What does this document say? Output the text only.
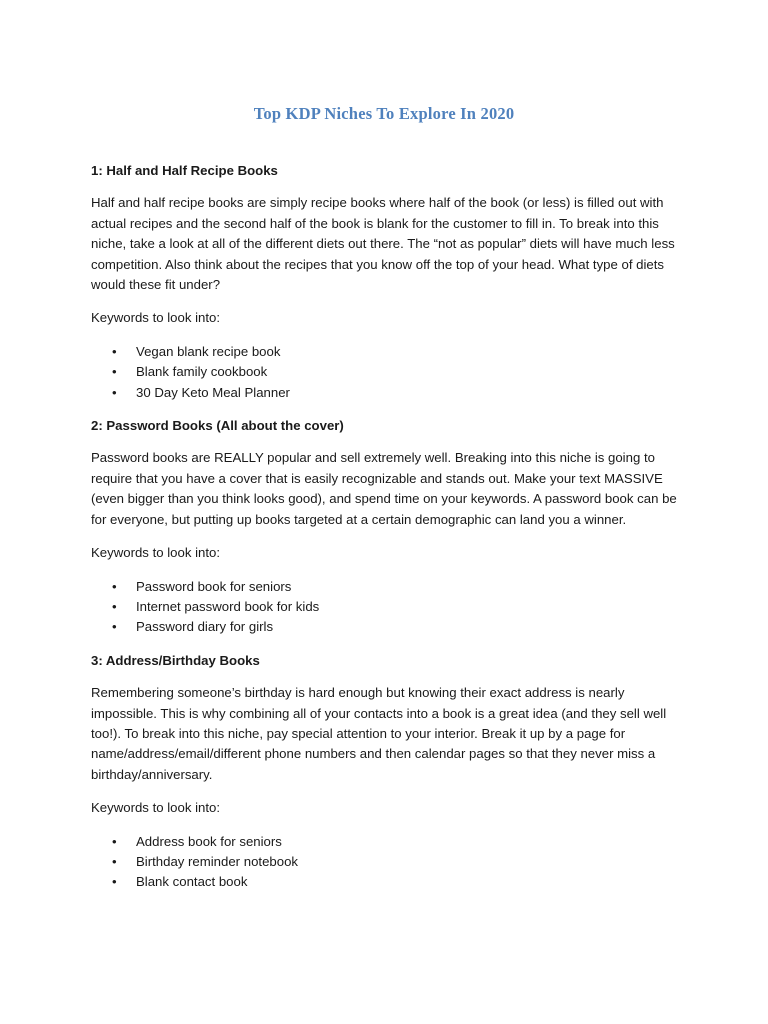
Top KDP Niches To Explore In 2020

1: Half and Half Recipe Books

Half and half recipe books are simply recipe books where half of the book (or less) is filled out with actual recipes and the second half of the book is blank for the customer to fill in. To break into this niche, take a look at all of the different diets out there. The “not as popular” diets will have much less competition. Also think about the recipes that you know off the top of your head. What type of diets would these fit under?

Keywords to look into:

• Vegan blank recipe book
• Blank family cookbook
• 30 Day Keto Meal Planner

2: Password Books (All about the cover)

Password books are REALLY popular and sell extremely well. Breaking into this niche is going to require that you have a cover that is easily recognizable and stands out. Make your text MASSIVE (even bigger than you think looks good), and spend time on your keywords. A password book can be for everyone, but putting up books targeted at a certain demographic can land you a winner.

Keywords to look into:

• Password book for seniors
• Internet password book for kids
• Password diary for girls

3: Address/Birthday Books

Remembering someone’s birthday is hard enough but knowing their exact address is nearly impossible. This is why combining all of your contacts into a book is a great idea (and they sell well too!). To break into this niche, pay special attention to your interior. Break it up by a page for name/address/email/different phone numbers and then calendar pages so that they never miss a birthday/anniversary.

Keywords to look into:

• Address book for seniors
• Birthday reminder notebook
• Blank contact book
